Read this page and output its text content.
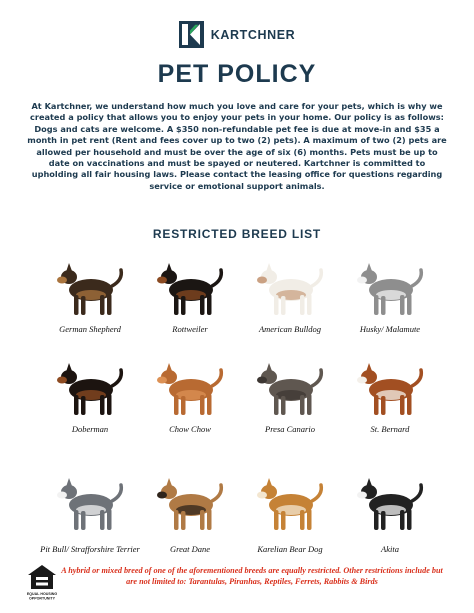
KARTCHNER
PET POLICY

At Kartchner, we understand how much you love and care for your pets, which is why we created a policy that allows you to enjoy your pets in your home. Our policy is as follows: Dogs and cats are welcome. A $350 non-refundable pet fee is due at move-in and $35 a month in pet rent (Rent and fees cover up to two (2) pets). A maximum of two (2) pets are allowed per household and must be over the age of six (6) months. Pets must be up to date on vaccinations and must be spayed or neutered. Kartchner is committed to upholding all fair housing laws. Please contact the leasing office for questions regarding service or emotional support animals.

RESTRICTED BREED LIST
German Shepherd	Rottweiler	American Bulldog	Husky/ Malamute
Doberman	Chow Chow	Presa Canario	St. Bernard
Pit Bull/ Strafforshire Terrier	Great Dane	Karelian Bear Dog	Akita
EQUAL HOUSING
OPPORTUNITY

A hybrid or mixed breed of one of the aforementioned breeds are equally restricted. Other restrictions include but are not limited to: Tarantulas, Piranhas, Reptiles, Ferrets, Rabbits & Birds
